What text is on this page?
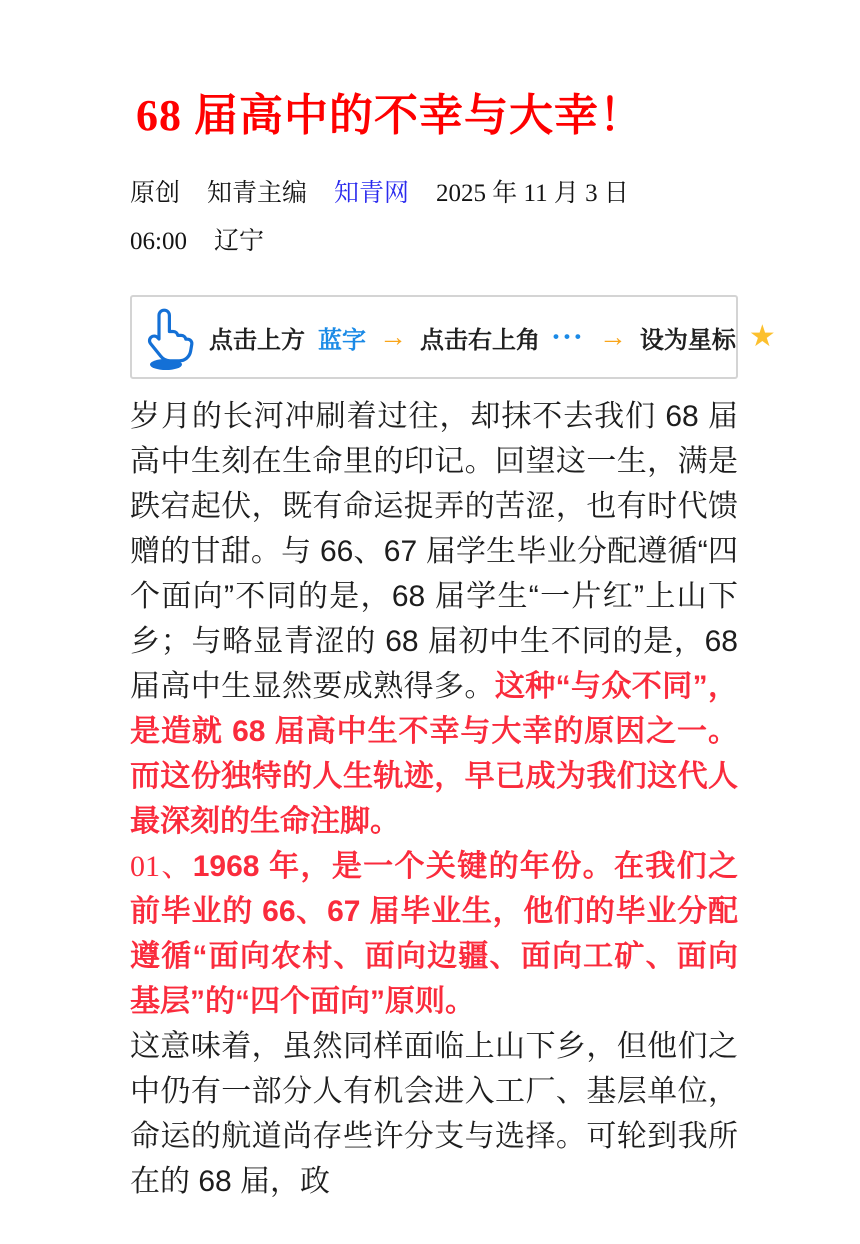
68 届高中的不幸与大幸！
原创 知青主编 知青网 2025 年 11 月 3 日
06:00 辽宁
点击上方 蓝字 → 点击右上角 ••• → 设为星标 ★

岁月的长河冲刷着过往，却抹不去我们 68 届高中生刻在生命里的印记。回望这一生，满是跌宕起伏，既有命运捉弄的苦涩，也有时代馈赠的甘甜。与 66、67 届学生毕业分配遵循“四个面向”不同的是，68 届学生“一片红”上山下乡；与略显青涩的 68 届初中生不同的是，68 届高中生显然要成熟得多。这种“与众不同”，是造就 68 届高中生不幸与大幸的原因之一。而这份独特的人生轨迹，早已成为我们这代人最深刻的生命注脚。

01、1968 年，是一个关键的年份。在我们之前毕业的 66、67 届毕业生，他们的毕业分配遵循“面向农村、面向边疆、面向工矿、面向基层”的“四个面向”原则。

这意味着，虽然同样面临上山下乡，但他们之中仍有一部分人有机会进入工厂、基层单位，命运的航道尚存些许分支与选择。可轮到我所在的 68 届，政
